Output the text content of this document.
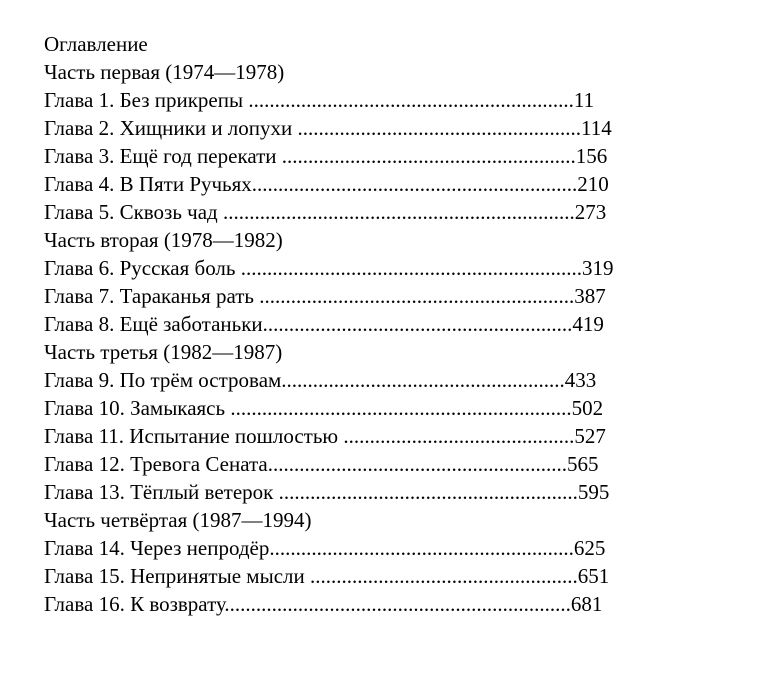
Оглавление
Часть первая (1974—1978)
Глава 1. Без прикрепы ..............................................................11
Глава 2. Хищники и лопухи ......................................................114
Глава 3. Ещё год перекати ........................................................156
Глава 4. В Пяти Ручьях..............................................................210
Глава 5. Сквозь чад ...................................................................273
Часть вторая (1978—1982)
Глава 6. Русская боль .................................................................319
Глава 7. Тараканья рать ............................................................387
Глава 8. Ещё заботаньки...........................................................419
Часть третья (1982—1987)
Глава 9. По трём островам......................................................433
Глава 10. Замыкаясь .................................................................502
Глава 11. Испытание пошлостью ............................................527
Глава 12. Тревога Сената.........................................................565
Глава 13. Тёплый ветерок .........................................................595
Часть четвёртая (1987—1994)
Глава 14. Через непродёр..........................................................625
Глава 15. Непринятые мысли ...................................................651
Глава 16. К возврату..................................................................681
